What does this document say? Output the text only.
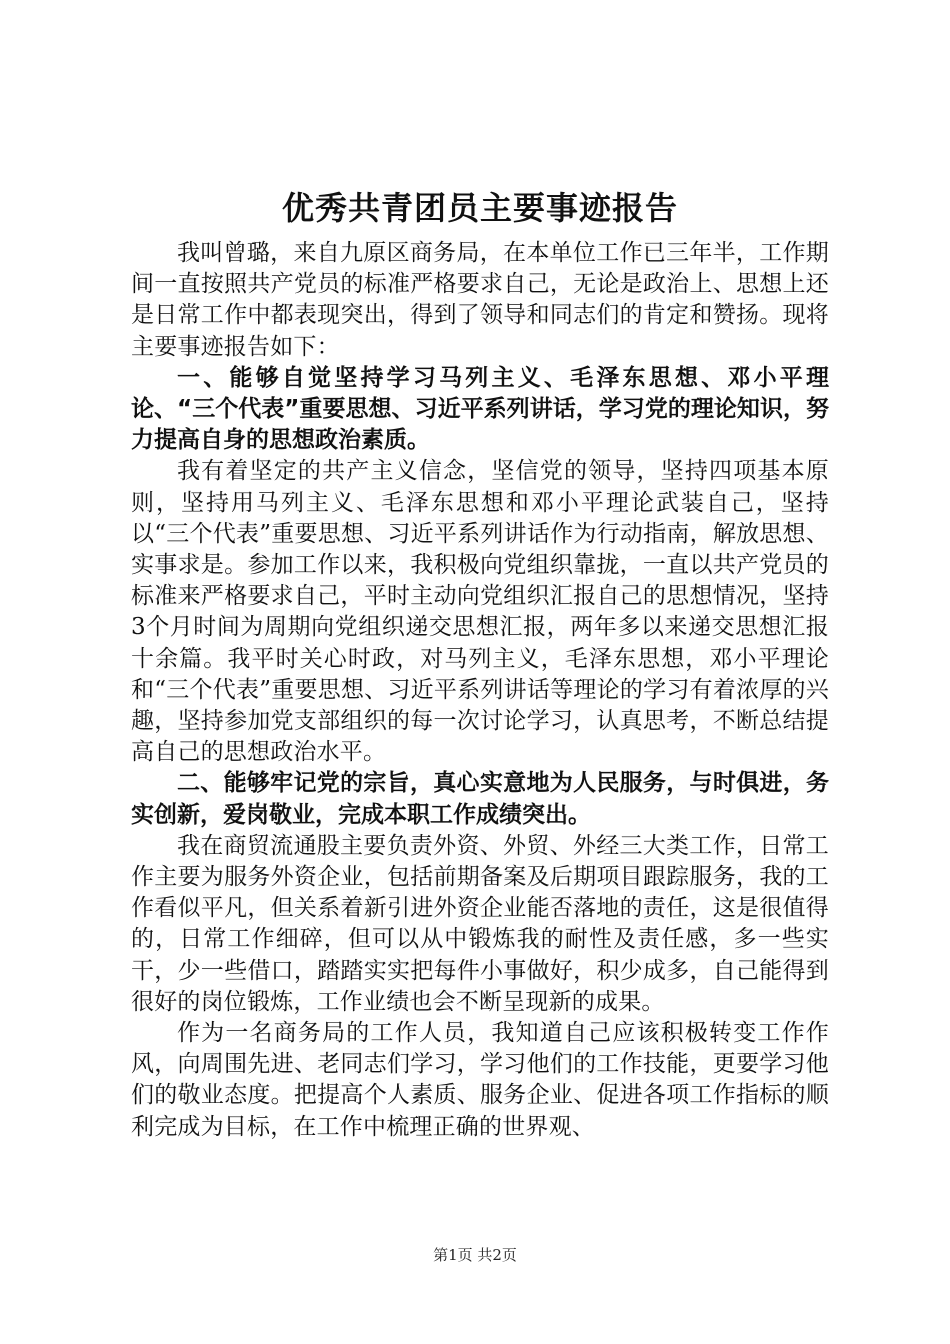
优秀共青团员主要事迹报告

我叫曾璐，来自九原区商务局，在本单位工作已三年半，工作期间一直按照共产党员的标准严格要求自己，无论是政治上、思想上还是日常工作中都表现突出，得到了领导和同志们的肯定和赞扬。现将主要事迹报告如下：

一、能够自觉坚持学习马列主义、毛泽东思想、邓小平理论、“三个代表”重要思想、习近平系列讲话，学习党的理论知识，努力提高自身的思想政治素质。

我有着坚定的共产主义信念，坚信党的领导，坚持四项基本原则，坚持用马列主义、毛泽东思想和邓小平理论武装自己，坚持以“三个代表”重要思想、习近平系列讲话作为行动指南，解放思想、实事求是。参加工作以来，我积极向党组织靠拢，一直以共产党员的标准来严格要求自己，平时主动向党组织汇报自己的思想情况，坚持3个月时间为周期向党组织递交思想汇报，两年多以来递交思想汇报十余篇。我平时关心时政，对马列主义，毛泽东思想，邓小平理论和“三个代表”重要思想、习近平系列讲话等理论的学习有着浓厚的兴趣，坚持参加党支部组织的每一次讨论学习，认真思考，不断总结提高自己的思想政治水平。

二、能够牢记党的宗旨，真心实意地为人民服务，与时俱进，务实创新，爱岗敬业，完成本职工作成绩突出。

我在商贸流通股主要负责外资、外贸、外经三大类工作，日常工作主要为服务外资企业，包括前期备案及后期项目跟踪服务，我的工作看似平凡，但关系着新引进外资企业能否落地的责任，这是很值得的，日常工作细碎，但可以从中锻炼我的耐性及责任感，多一些实干，少一些借口，踏踏实实把每件小事做好，积少成多，自己能得到很好的岗位锻炼，工作业绩也会不断呈现新的成果。

作为一名商务局的工作人员，我知道自己应该积极转变工作作风，向周围先进、老同志们学习，学习他们的工作技能，更要学习他们的敬业态度。把提高个人素质、服务企业、促进各项工作指标的顺利完成为目标，在工作中梳理正确的世界观、

第1页 共2页
